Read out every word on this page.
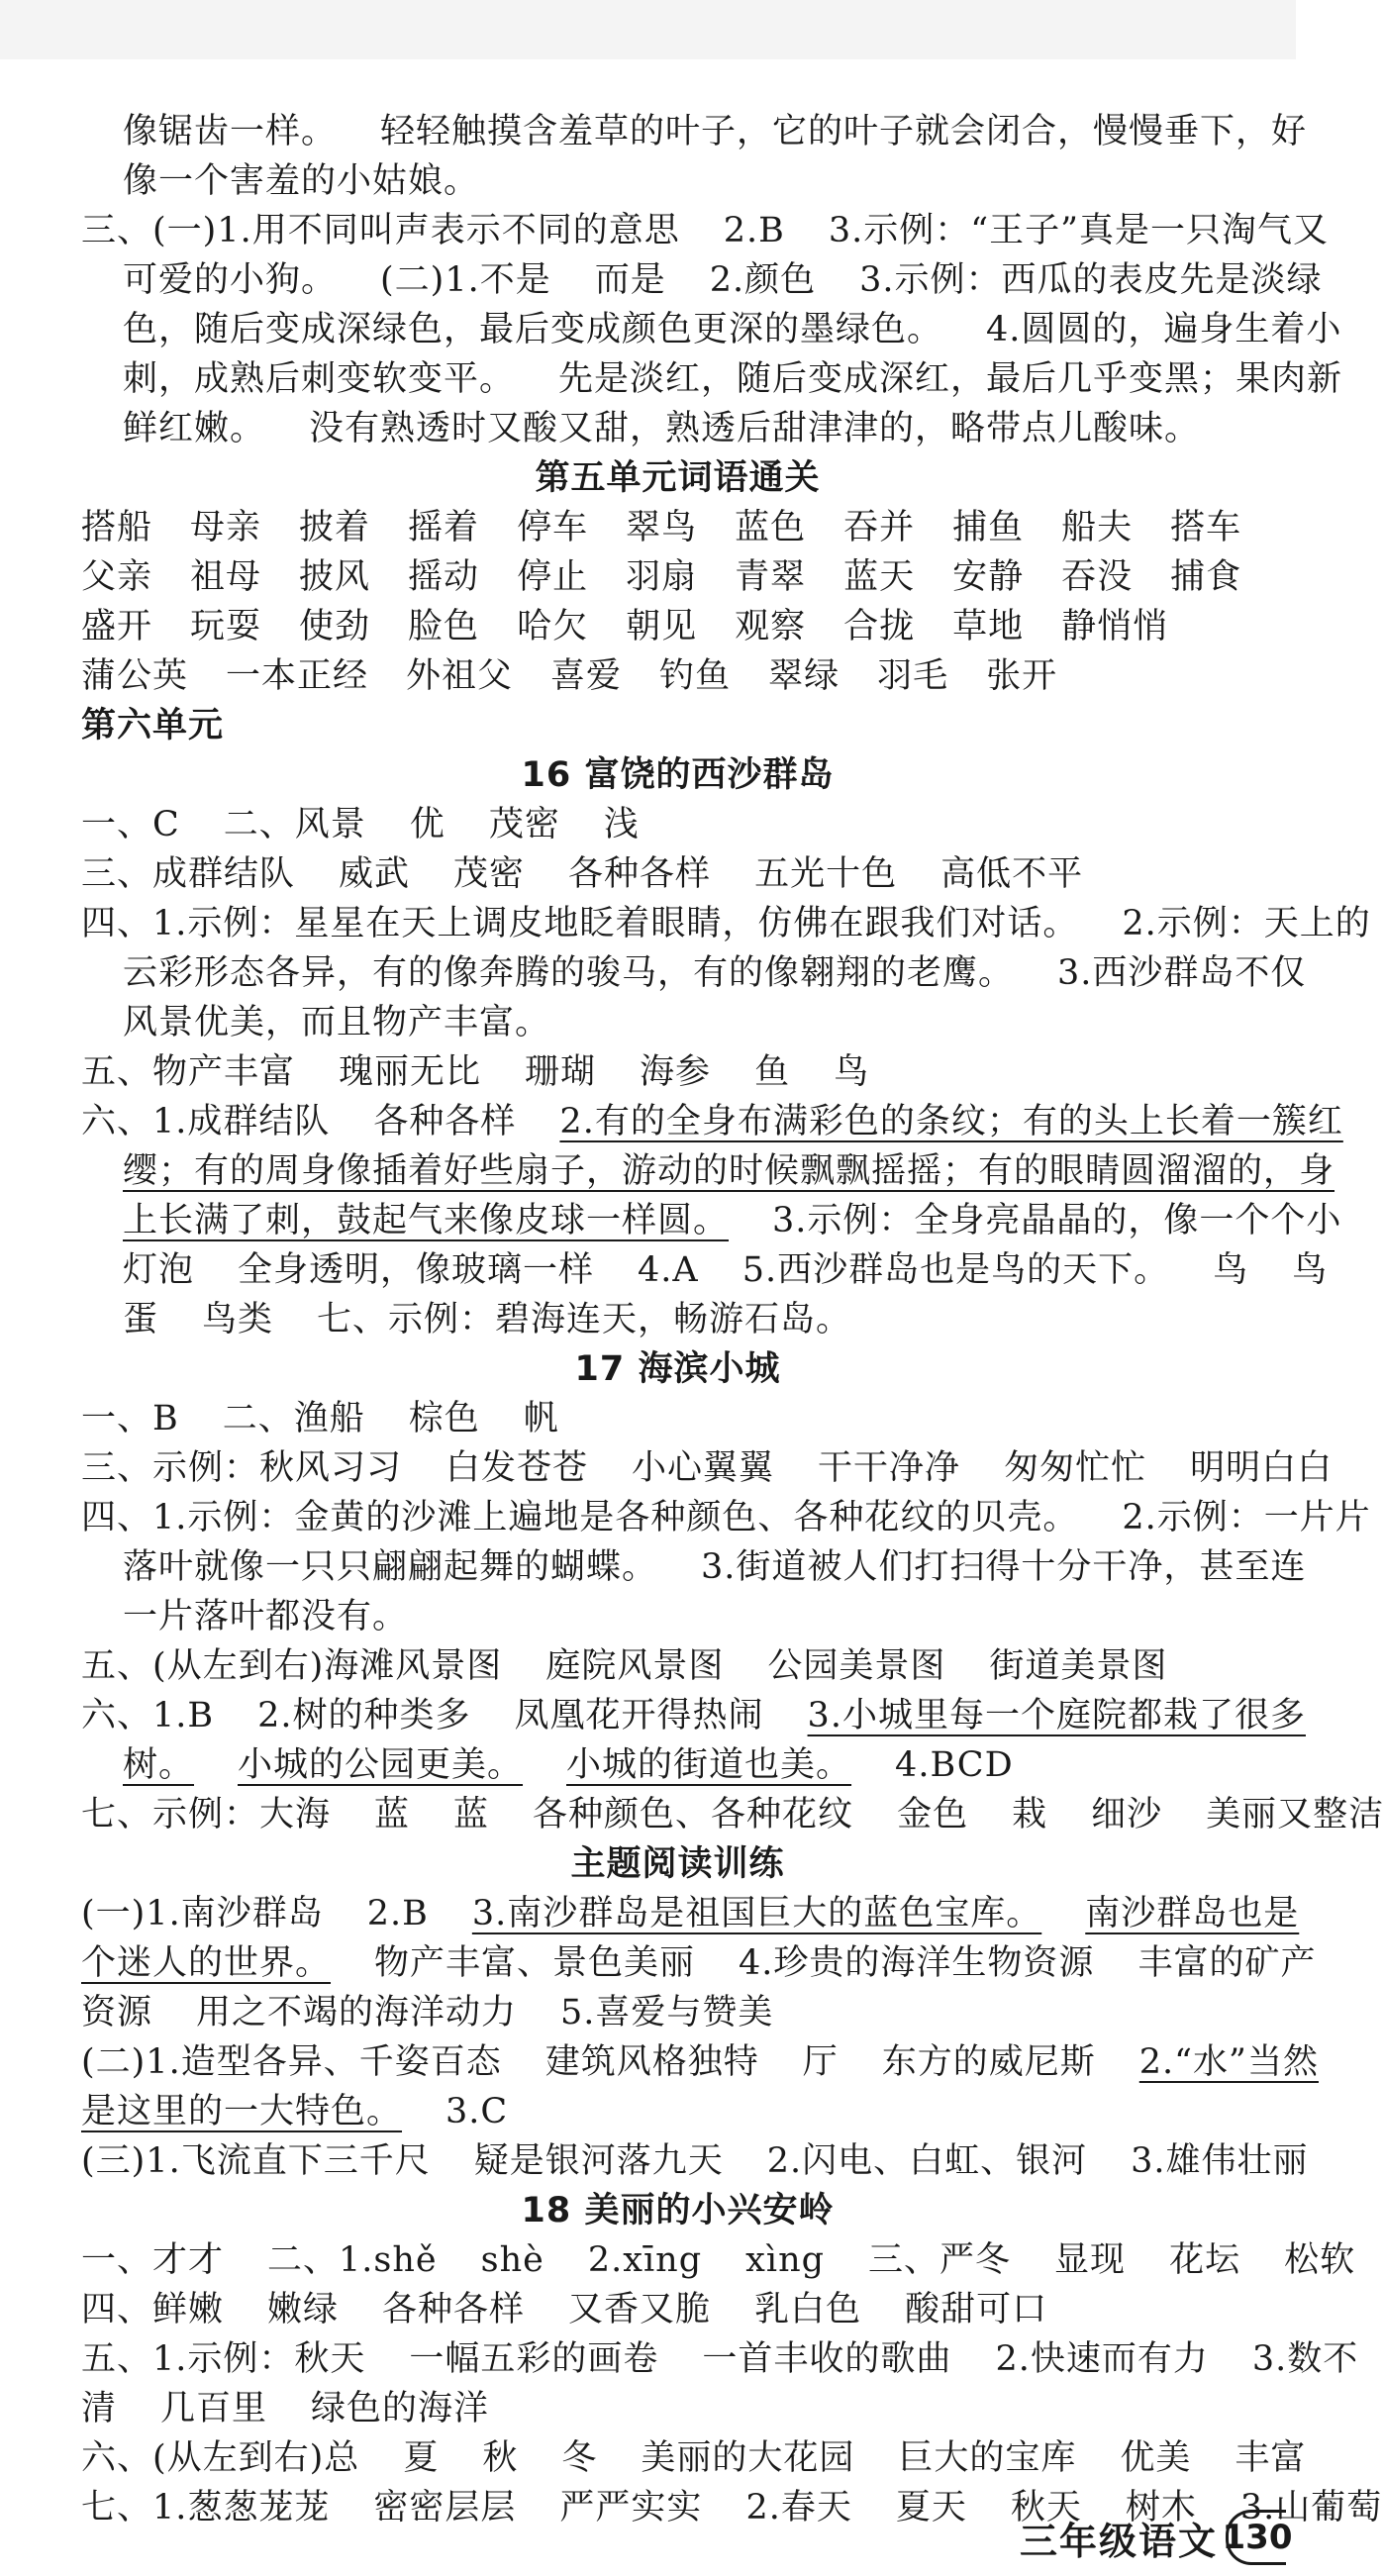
像锯齿一样。 轻轻触摸含羞草的叶子，它的叶子就会闭合，慢慢垂下，好
像一个害羞的小姑娘。
三、(一)1.用不同叫声表示不同的意思 2.B 3.示例：“王子”真是一只淘气又
可爱的小狗。 (二)1.不是 而是 2.颜色 3.示例：西瓜的表皮先是淡绿
色，随后变成深绿色，最后变成颜色更深的墨绿色。 4.圆圆的，遍身生着小
刺，成熟后刺变软变平。 先是淡红，随后变成深红，最后几乎变黑；果肉新
鲜红嫩。 没有熟透时又酸又甜，熟透后甜津津的，略带点儿酸味。
第五单元词语通关
搭船 母亲 披着 摇着 停车 翠鸟 蓝色 吞并 捕鱼 船夫 搭车
父亲 祖母 披风 摇动 停止 羽扇 青翠 蓝天 安静 吞没 捕食
盛开 玩耍 使劲 脸色 哈欠 朝见 观察 合拢 草地 静悄悄
蒲公英 一本正经 外祖父 喜爱 钓鱼 翠绿 羽毛 张开
第六单元
16 富饶的西沙群岛
一、C 二、风景 优 茂密 浅
三、成群结队 威武 茂密 各种各样 五光十色 高低不平
四、1.示例：星星在天上调皮地眨着眼睛，仿佛在跟我们对话。 2.示例：天上的
云彩形态各异，有的像奔腾的骏马，有的像翱翔的老鹰。 3.西沙群岛不仅
风景优美，而且物产丰富。
五、物产丰富 瑰丽无比 珊瑚 海参 鱼 鸟
六、1.成群结队 各种各样 2.有的全身布满彩色的条纹；有的头上长着一簇红
缨；有的周身像插着好些扇子，游动的时候飘飘摇摇；有的眼睛圆溜溜的，身
上长满了刺，鼓起气来像皮球一样圆。 3.示例：全身亮晶晶的，像一个个小
灯泡 全身透明，像玻璃一样 4.A 5.西沙群岛也是鸟的天下。 鸟 鸟
蛋 鸟类 七、示例：碧海连天，畅游石岛。
17 海滨小城
一、B 二、渔船 棕色 帆
三、示例：秋风习习 白发苍苍 小心翼翼 干干净净 匆匆忙忙 明明白白
四、1.示例：金黄的沙滩上遍地是各种颜色、各种花纹的贝壳。 2.示例：一片片
落叶就像一只只翩翩起舞的蝴蝶。 3.街道被人们打扫得十分干净，甚至连
一片落叶都没有。
五、(从左到右)海滩风景图 庭院风景图 公园美景图 街道美景图
六、1.B 2.树的种类多 凤凰花开得热闹 3.小城里每一个庭院都栽了很多
树。 小城的公园更美。 小城的街道也美。 4.BCD
七、示例：大海 蓝 蓝 各种颜色、各种花纹 金色 栽 细沙 美丽又整洁
主题阅读训练
(一)1.南沙群岛 2.B 3.南沙群岛是祖国巨大的蓝色宝库。 南沙群岛也是
个迷人的世界。 物产丰富、景色美丽 4.珍贵的海洋生物资源 丰富的矿产
资源 用之不竭的海洋动力 5.喜爱与赞美
(二)1.造型各异、千姿百态 建筑风格独特 厅 东方的威尼斯 2.“水”当然
是这里的一大特色。 3.C
(三)1.飞流直下三千尺 疑是银河落九天 2.闪电、白虹、银河 3.雄伟壮丽
18 美丽的小兴安岭
一、才才 二、1.shě shè 2.xīng xìng 三、严冬 显现 花坛 松软
四、鲜嫩 嫩绿 各种各样 又香又脆 乳白色 酸甜可口
五、1.示例：秋天 一幅五彩的画卷 一首丰收的歌曲 2.快速而有力 3.数不
清 几百里 绿色的海洋
六、(从左到右)总 夏 秋 冬 美丽的大花园 巨大的宝库 优美 丰富
七、1.葱葱茏茏 密密层层 严严实实 2.春天 夏天 秋天 树木 3.山葡萄
三年级语文 130
